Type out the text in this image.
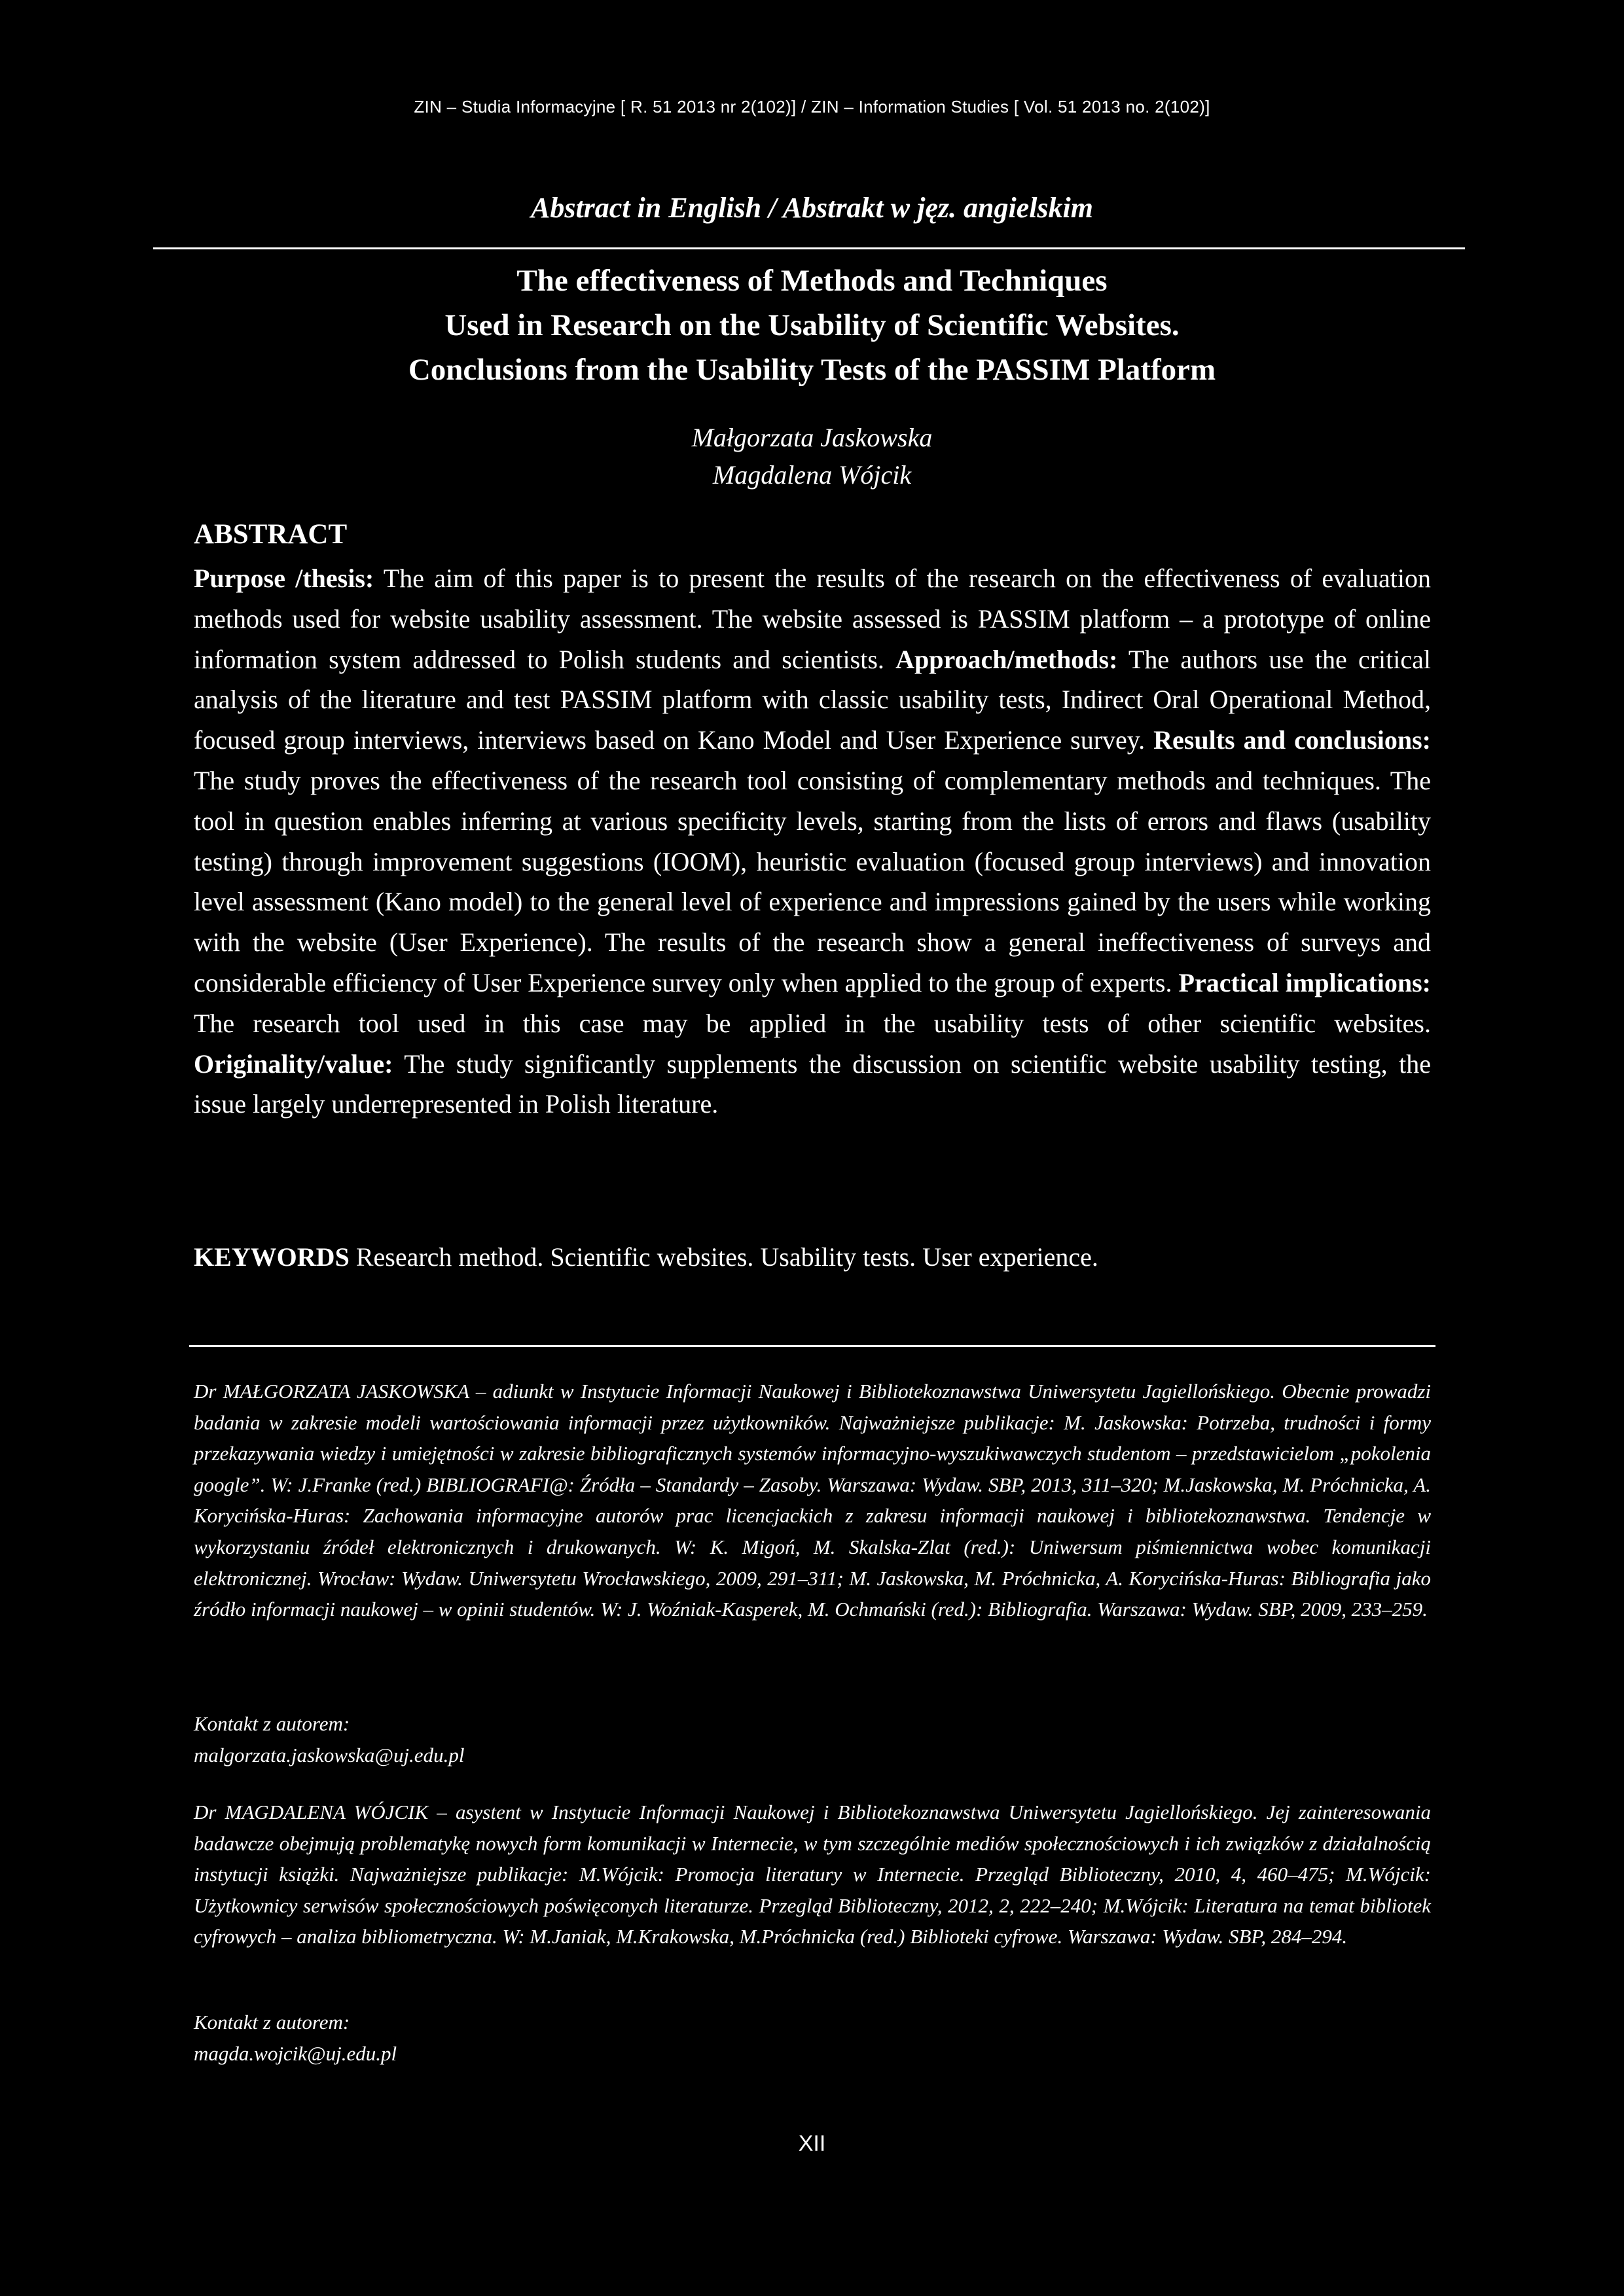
ZIN – Studia Informacyjne [ R. 51 2013 nr 2(102)] / ZIN – Information Studies [ Vol. 51 2013 no. 2(102)]
Abstract in English / Abstrakt w jęz. angielskim
The effectiveness of Methods and Techniques
Used in Research on the Usability of Scientific Websites.
Conclusions from the Usability Tests of the PASSIM Platform
Małgorzata Jaskowska
Magdalena Wójcik
ABSTRACT
Purpose /thesis: The aim of this paper is to present the results of the research on the effectiveness of evaluation methods used for website usability assessment. The website assessed is PASSIM platform – a prototype of online information system addressed to Polish students and scientists. Approach/methods: The authors use the critical analysis of the literature and test PASSIM platform with classic usability tests, Indirect Oral Operational Method, focused group interviews, interviews based on Kano Model and User Experience survey. Results and conclusions: The study proves the effectiveness of the research tool consisting of complementary methods and techniques. The tool in question enables inferring at various specificity levels, starting from the lists of errors and flaws (usability testing) through improvement suggestions (IOOM), heuristic evaluation (focused group interviews) and innovation level assessment (Kano model) to the general level of experience and impressions gained by the users while working with the website (User Experience). The results of the research show a general ineffectiveness of surveys and considerable efficiency of User Experience survey only when applied to the group of experts. Practical implications: The research tool used in this case may be applied in the usability tests of other scientific websites. Originality/value: The study significantly supplements the discussion on scientific website usability testing, the issue largely underrepresented in Polish literature.
KEYWORDS Research method. Scientific websites. Usability tests. User experience.
Dr MAŁGORZATA JASKOWSKA – adiunkt w Instytucie Informacji Naukowej i Bibliotekoznawstwa Uniwersytetu Jagiellońskiego. Obecnie prowadzi badania w zakresie modeli wartościowania informacji przez użytkowników. Najważniejsze publikacje: M. Jaskowska: Potrzeba, trudności i formy przekazywania wiedzy i umiejętności w zakresie bibliograficznych systemów informacyjno-wyszukiwawczych studentom – przedstawicielom „pokolenia google”. W: J.Franke (red.) BIBLIOGRAFI@: Źródła – Standardy – Zasoby. Warszawa: Wydaw. SBP, 2013, 311–320; M.Jaskowska, M. Próchnicka, A. Korycińska-Huras: Zachowania informacyjne autorów prac licencjackich z zakresu informacji naukowej i bibliotekoznawstwa. Tendencje w wykorzystaniu źródeł elektronicznych i drukowanych. W: K. Migoń, M. Skalska-Zlat (red.): Uniwersum piśmiennictwa wobec komunikacji elektronicznej. Wrocław: Wydaw. Uniwersytetu Wrocławskiego, 2009, 291–311; M. Jaskowska, M. Próchnicka, A. Korycińska-Huras: Bibliografia jako źródło informacji naukowej – w opinii studentów. W: J. Woźniak-Kasperek, M. Ochmański (red.): Bibliografia. Warszawa: Wydaw. SBP, 2009, 233–259.
Kontakt z autorem:
malgorzata.jaskowska@uj.edu.pl
Dr MAGDALENA WÓJCIK – asystent w Instytucie Informacji Naukowej i Bibliotekoznawstwa Uniwersytetu Jagiellońskiego. Jej zainteresowania badawcze obejmują problematykę nowych form komunikacji w Internecie, w tym szczególnie mediów społecznościowych i ich związków z działalnością instytucji książki. Najważniejsze publikacje: M.Wójcik: Promocja literatury w Internecie. Przegląd Biblioteczny, 2010, 4, 460–475; M.Wójcik: Użytkownicy serwisów społecznościowych poświęconych literaturze. Przegląd Biblioteczny, 2012, 2, 222–240; M.Wójcik: Literatura na temat bibliotek cyfrowych – analiza bibliometryczna. W: M.Janiak, M.Krakowska, M.Próchnicka (red.) Biblioteki cyfrowe. Warszawa: Wydaw. SBP, 284–294.
Kontakt z autorem:
magda.wojcik@uj.edu.pl
XII
